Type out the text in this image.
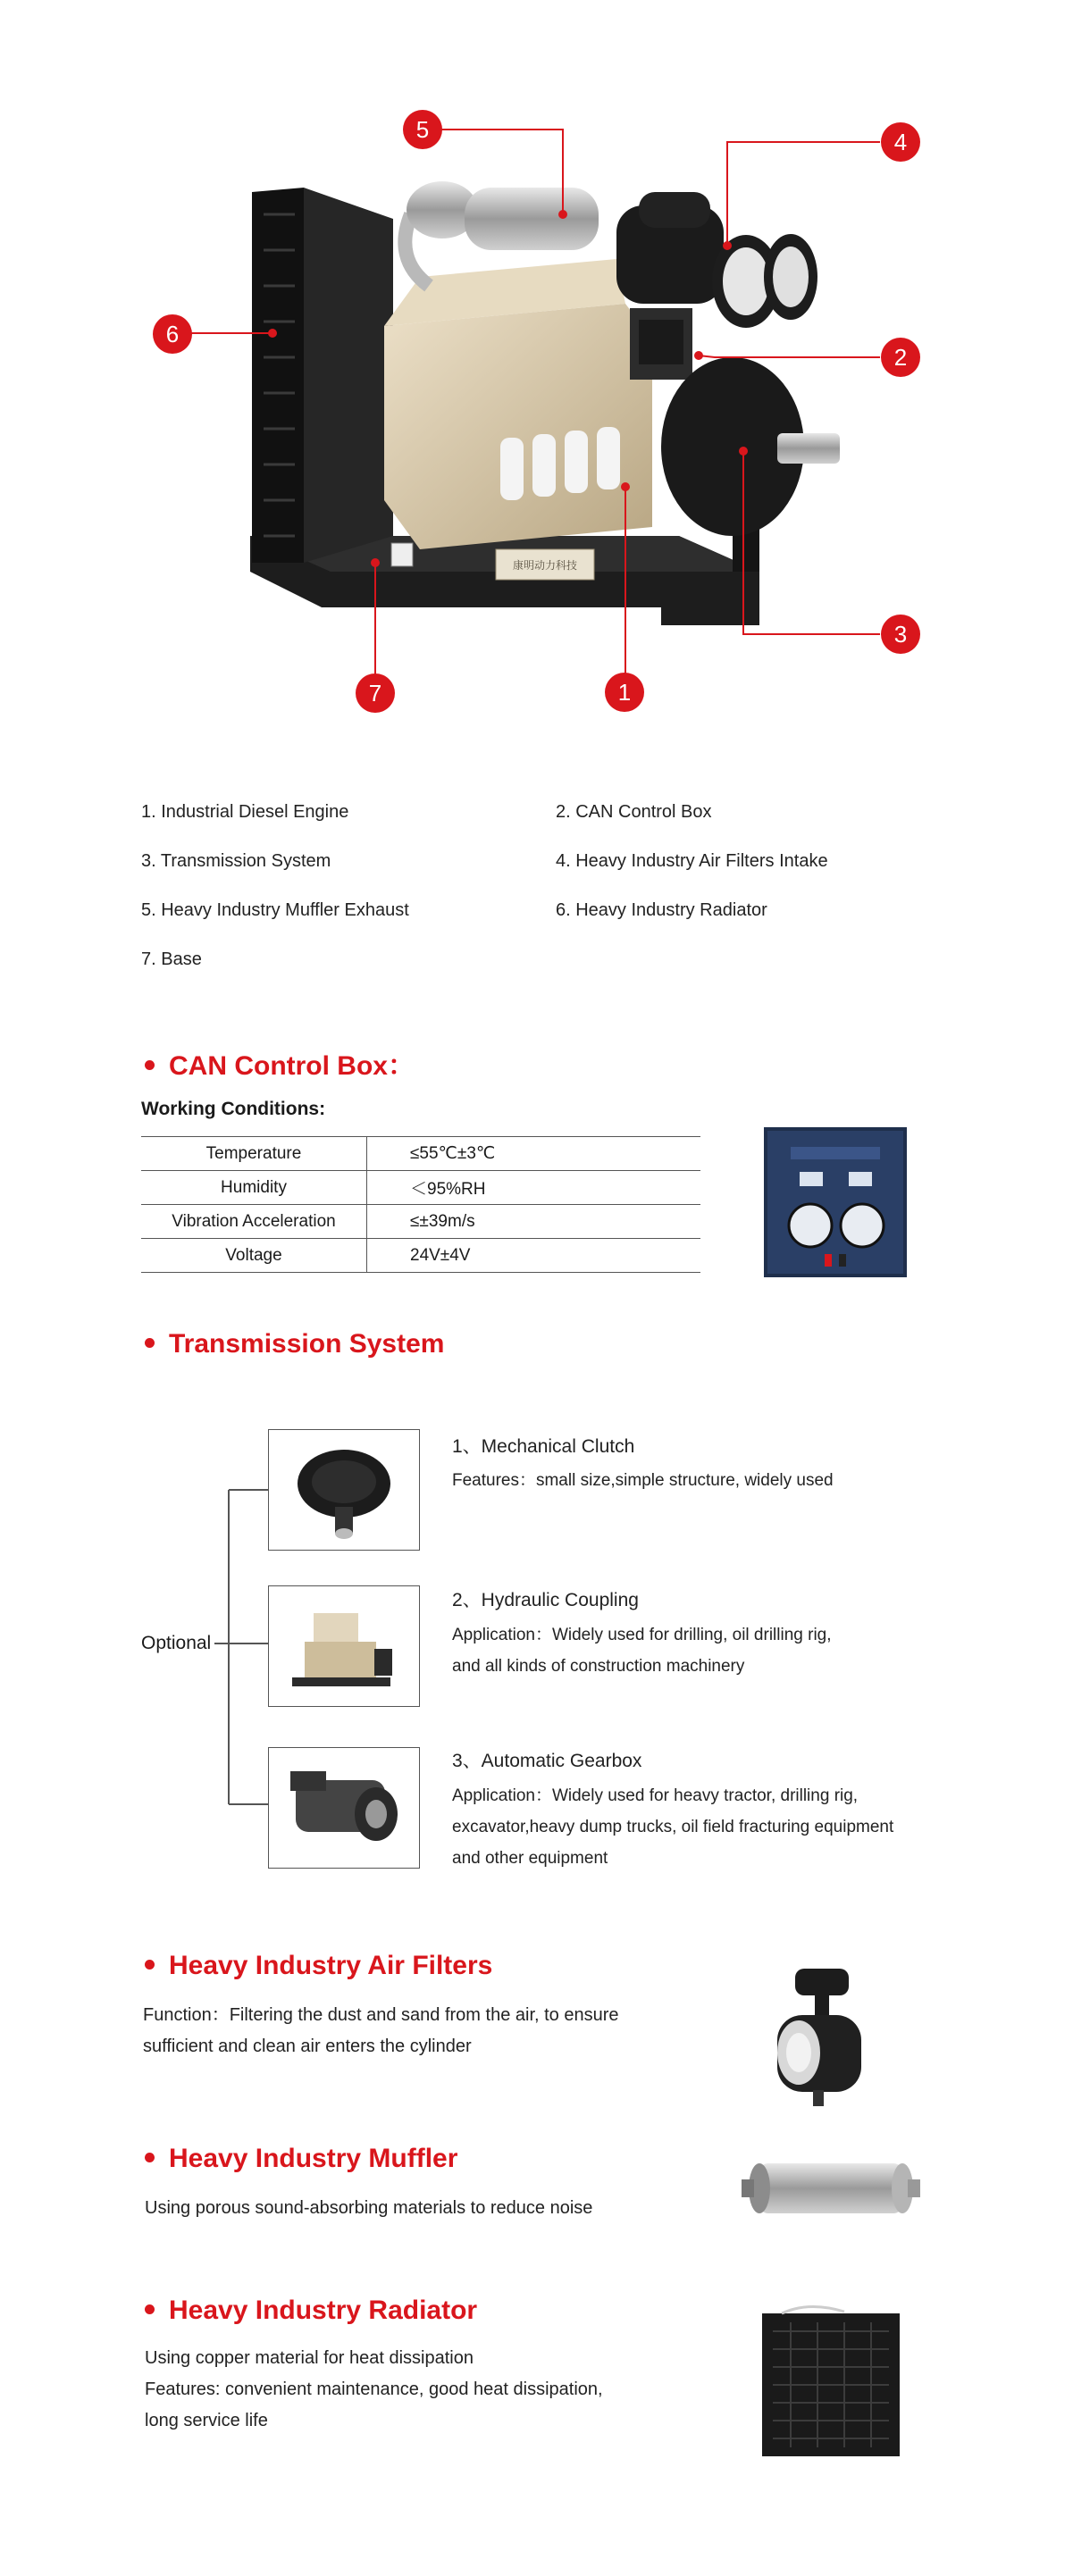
康明动力科技
1
2
3
4
5
6
7
1. Industrial Diesel Engine	2. CAN Control Box
3. Transmission System	4. Heavy Industry Air Filters Intake
5. Heavy Industry Muffler Exhaust	6. Heavy Industry Radiator
7. Base
CAN Control Box：
Working Conditions:
Temperature	≤55℃±3℃
Humidity	＜95%RH
Vibration Acceleration	≤±39m/s
Voltage	24V±4V
Transmission System
Optional
1、Mechanical Clutch
Features：small size,simple structure, widely used
2、Hydraulic Coupling
Application：Widely used for drilling, oil drilling rig,
and all kinds of construction machinery
3、Automatic Gearbox
Application：Widely used for heavy tractor, drilling rig,
excavator,heavy dump trucks, oil field fracturing equipment
and other equipment
Heavy Industry Air Filters
Function：Filtering the dust and sand from the air, to ensure
sufficient and clean air enters the cylinder
Heavy Industry Muffler
Using porous sound-absorbing materials to reduce noise
Heavy Industry Radiator
Using copper material for heat dissipation
Features: convenient maintenance, good heat dissipation,
long service life
